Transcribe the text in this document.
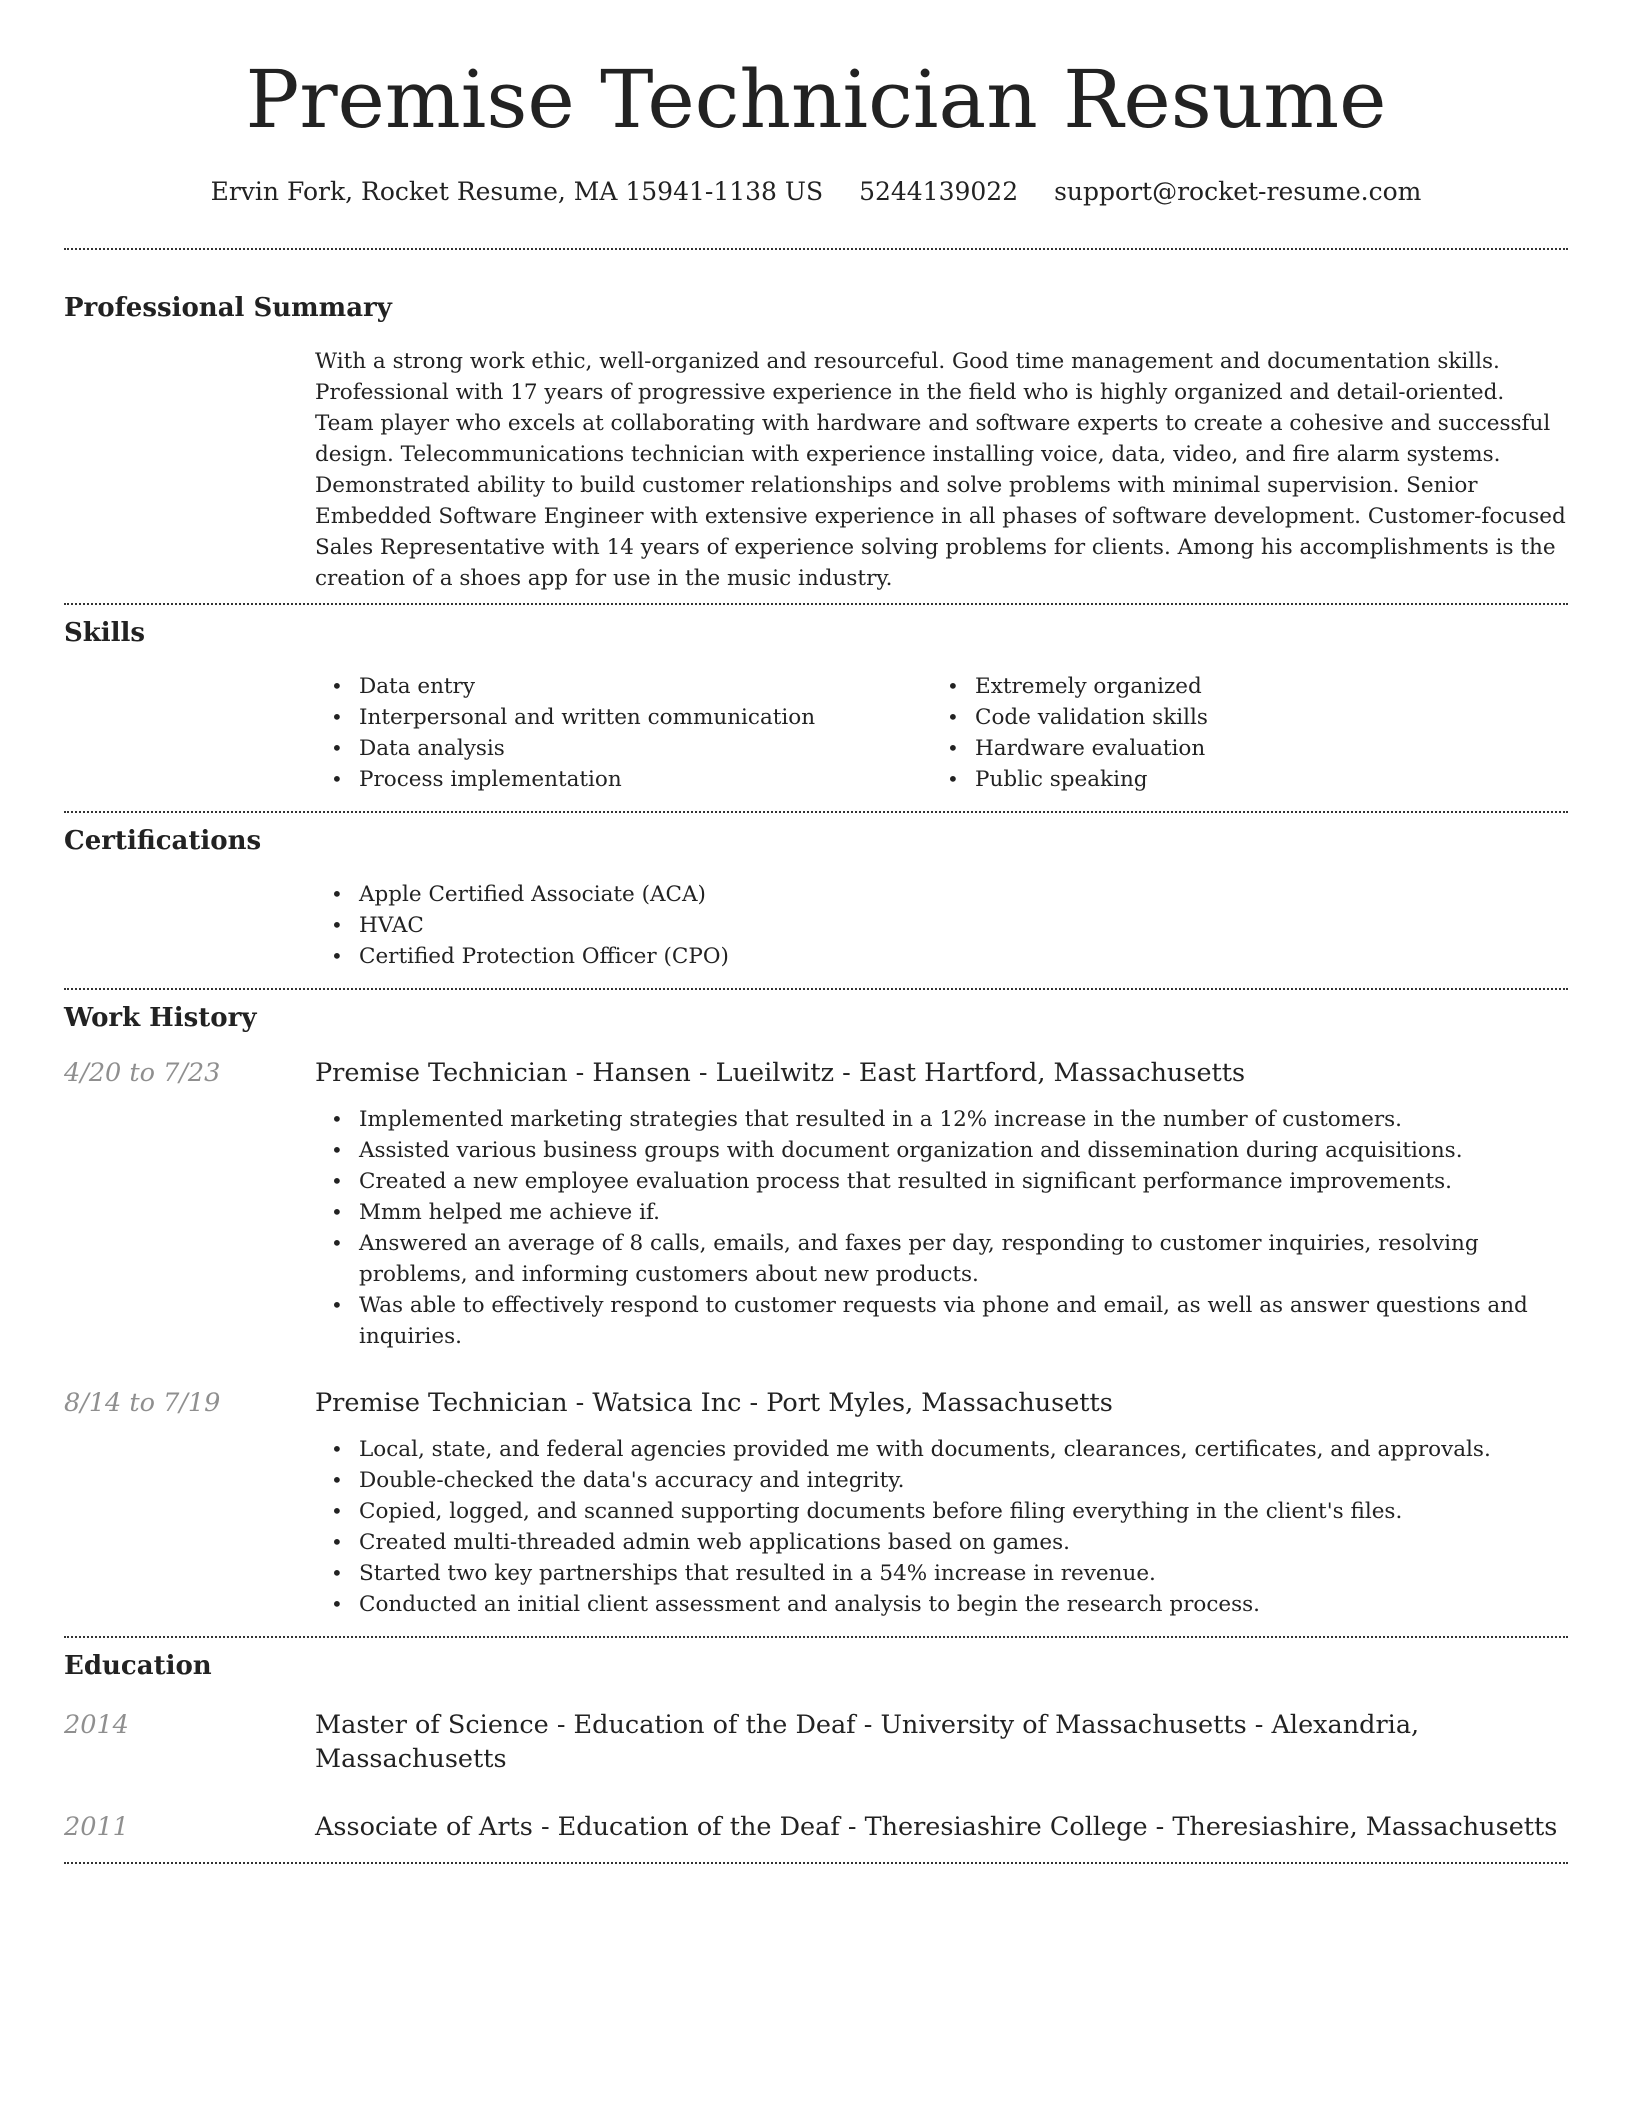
Premise Technician Resume
Ervin Fork, Rocket Resume, MA 15941-1138 US 5244139022 support@rocket-resume.com
Professional Summary

With a strong work ethic, well-organized and resourceful. Good time management and documentation skills. Professional with 17 years of progressive experience in the field who is highly organized and detail-oriented. Team player who excels at collaborating with hardware and software experts to create a cohesive and successful design. Telecommunications technician with experience installing voice, data, video, and fire alarm systems. Demonstrated ability to build customer relationships and solve problems with minimal supervision. Senior Embedded Software Engineer with extensive experience in all phases of software development. Customer-focused Sales Representative with 14 years of experience solving problems for clients. Among his accomplishments is the creation of a shoes app for use in the music industry.

Skills
• Data entry
• Interpersonal and written communication
• Data analysis
• Process implementation
• Extremely organized
• Code validation skills
• Hardware evaluation
• Public speaking
Certifications
• Apple Certified Associate (ACA)
• HVAC
• Certified Protection Officer (CPO)
Work History
4/20 to 7/23	Premise Technician - Hansen - Lueilwitz - East Hartford, Massachusetts
• Implemented marketing strategies that resulted in a 12% increase in the number of customers.
• Assisted various business groups with document organization and dissemination during acquisitions.
• Created a new employee evaluation process that resulted in significant performance improvements.
• Mmm helped me achieve if.
• Answered an average of 8 calls, emails, and faxes per day, responding to customer inquiries, resolving problems, and informing customers about new products.
• Was able to effectively respond to customer requests via phone and email, as well as answer questions and inquiries.
8/14 to 7/19	Premise Technician - Watsica Inc - Port Myles, Massachusetts
• Local, state, and federal agencies provided me with documents, clearances, certificates, and approvals.
• Double-checked the data's accuracy and integrity.
• Copied, logged, and scanned supporting documents before filing everything in the client's files.
• Created multi-threaded admin web applications based on games.
• Started two key partnerships that resulted in a 54% increase in revenue.
• Conducted an initial client assessment and analysis to begin the research process.
Education
2014	Master of Science - Education of the Deaf - University of Massachusetts - Alexandria, Massachusetts
2011	Associate of Arts - Education of the Deaf - Theresiashire College - Theresiashire, Massachusetts
